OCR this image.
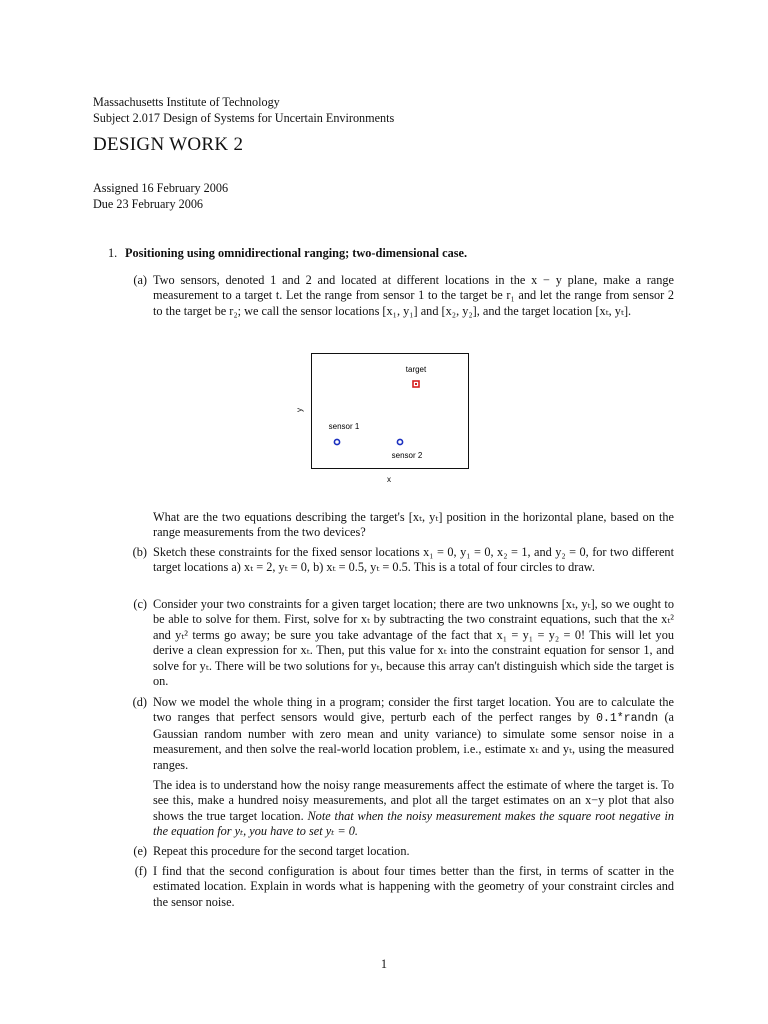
Massachusetts Institute of Technology
Subject 2.017 Design of Systems for Uncertain Environments
DESIGN WORK 2
Assigned 16 February 2006
Due 23 February 2006
1. Positioning using omnidirectional ranging; two-dimensional case.
(a) Two sensors, denoted 1 and 2 and located at different locations in the x − y plane, make a range measurement to a target t. Let the range from sensor 1 to the target be r₁ and let the range from sensor 2 to the target be r₂; we call the sensor locations [x₁, y₁] and [x₂, y₂], and the target location [xₜ, yₜ].
y
x
target
sensor 1
sensor 2
What are the two equations describing the target's [xₜ, yₜ] position in the horizontal plane, based on the range measurements from the two devices?
(b) Sketch these constraints for the fixed sensor locations x₁ = 0, y₁ = 0, x₂ = 1, and y₂ = 0, for two different target locations a) xₜ = 2, yₜ = 0, b) xₜ = 0.5, yₜ = 0.5. This is a total of four circles to draw.
(c) Consider your two constraints for a given target location; there are two unknowns [xₜ, yₜ], so we ought to be able to solve for them. First, solve for xₜ by subtracting the two constraint equations, such that the xₜ² and yₜ² terms go away; be sure you take advantage of the fact that x₁ = y₁ = y₂ = 0! This will let you derive a clean expression for xₜ. Then, put this value for xₜ into the constraint equation for sensor 1, and solve for yₜ. There will be two solutions for yₜ, because this array can't distinguish which side the target is on.
(d) Now we model the whole thing in a program; consider the first target location. You are to calculate the two ranges that perfect sensors would give, perturb each of the perfect ranges by 0.1*randn (a Gaussian random number with zero mean and unity variance) to simulate some sensor noise in a measurement, and then solve the real-world location problem, i.e., estimate xₜ and yₜ, using the measured ranges.
The idea is to understand how the noisy range measurements affect the estimate of where the target is. To see this, make a hundred noisy measurements, and plot all the target estimates on an x−y plot that also shows the true target location. Note that when the noisy measurement makes the square root negative in the equation for yₜ, you have to set yₜ = 0.
(e) Repeat this procedure for the second target location.
(f) I find that the second configuration is about four times better than the first, in terms of scatter in the estimated location. Explain in words what is happening with the geometry of your constraint circles and the sensor noise.
1
